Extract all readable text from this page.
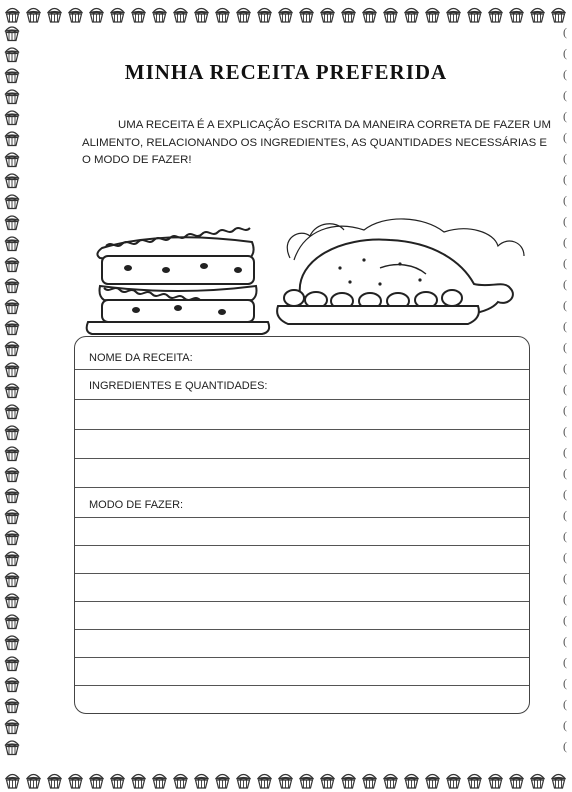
(
(
(
(
(
(
(
(
(
(
(
(
(
(
(
(
(
(
(
(
(
(
(
(
(
(
(
(
(
(
(
(
(
(
(
MINHA RECEITA PREFERIDA
UMA RECEITA É A EXPLICAÇÃO ESCRITA DA MANEIRA CORRETA DE FAZER UM ALIMENTO, RELACIONANDO OS INGREDIENTES, AS QUANTIDADES NECESSÁRIAS E O MODO DE FAZER!
NOME DA RECEITA:
INGREDIENTES E QUANTIDADES:
MODO DE FAZER:
